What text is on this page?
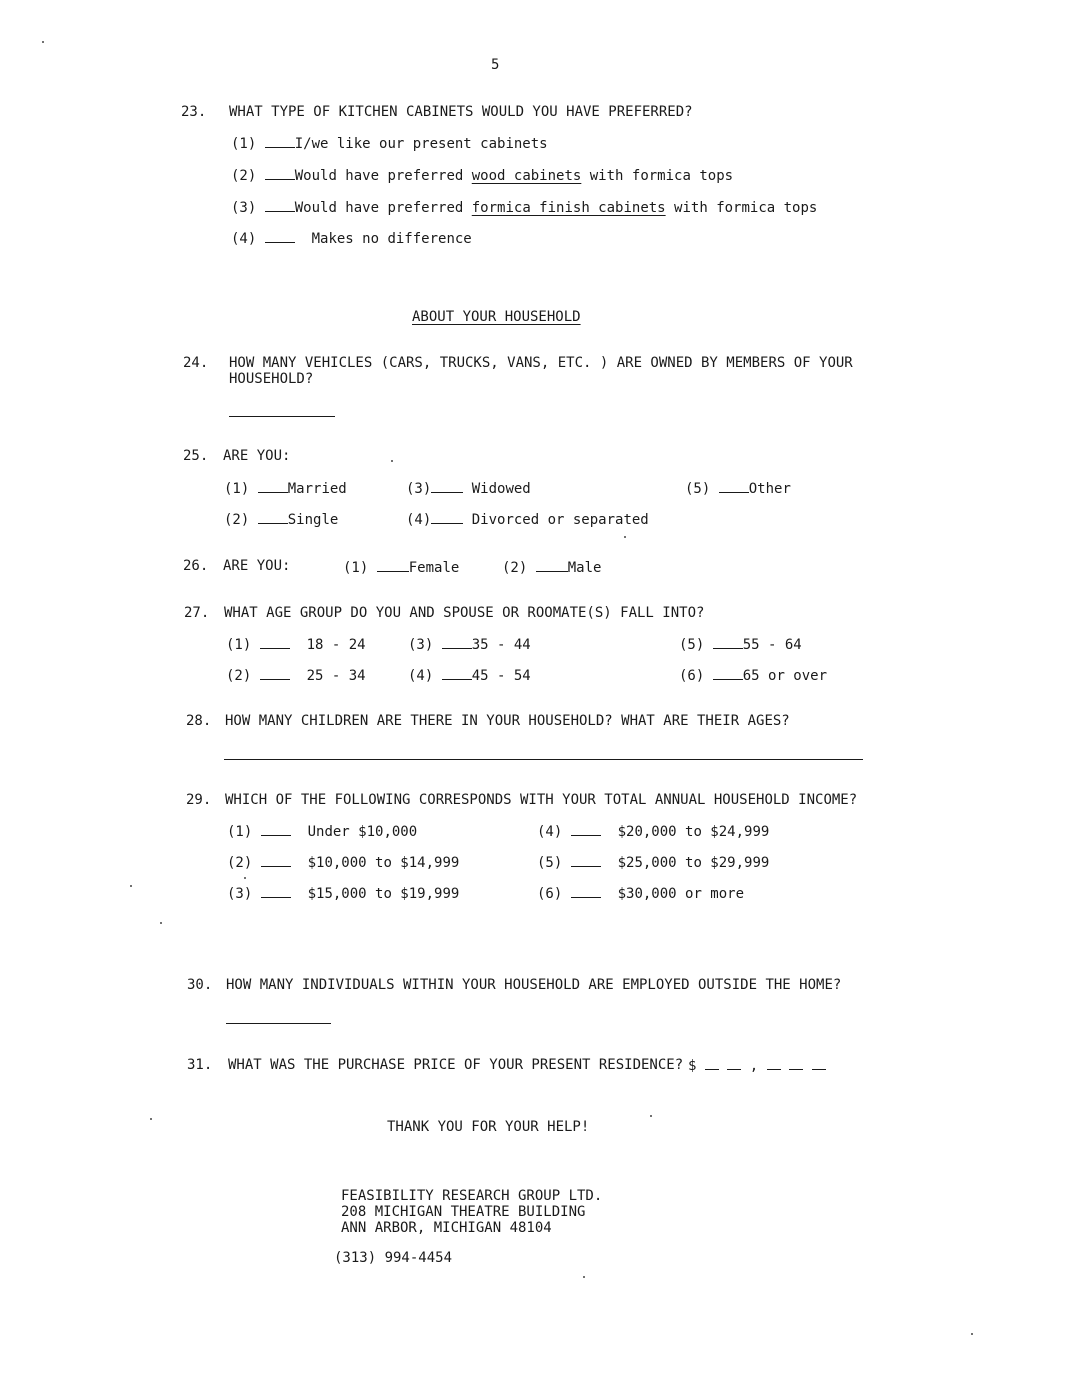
5
23. WHAT TYPE OF KITCHEN CABINETS WOULD YOU HAVE PREFERRED?
(1)	I/we like our present cabinets
(2)	Would have preferred wood cabinets with formica tops
(3)	Would have preferred formica finish cabinets with formica tops
(4)	Makes no difference
ABOUT YOUR HOUSEHOLD
24. HOW MANY VEHICLES (CARS, TRUCKS, VANS, ETC. ) ARE OWNED BY MEMBERS OF YOUR
HOUSEHOLD?
25. ARE YOU:
(1)	Married
(2)	Single
(3)	Widowed
(4)	Divorced or separated
(5)	Other
26. ARE YOU:	(1)	Female	(2)	Male
27. WHAT AGE GROUP DO YOU AND SPOUSE OR ROOMATE(S) FALL INTO?
(1)	18 - 24
(2)	25 - 34
(3)	35 - 44
(4)	45 - 54
(5)	55 - 64
(6)	65 or over
28. HOW MANY CHILDREN ARE THERE IN YOUR HOUSEHOLD? WHAT ARE THEIR AGES?
29. WHICH OF THE FOLLOWING CORRESPONDS WITH YOUR TOTAL ANNUAL HOUSEHOLD INCOME?
(1)	Under $10,000
(2)	$10,000 to $14,999
(3)	$15,000 to $19,999
(4)	$20,000 to $24,999
(5)	$25,000 to $29,999
(6)	$30,000 or more
30. HOW MANY INDIVIDUALS WITHIN YOUR HOUSEHOLD ARE EMPLOYED OUTSIDE THE HOME?
31. WHAT WAS THE PURCHASE PRICE OF YOUR PRESENT RESIDENCE? $	,
THANK YOU FOR YOUR HELP!
FEASIBILITY RESEARCH GROUP LTD.
208 MICHIGAN THEATRE BUILDING
ANN ARBOR, MICHIGAN 48104
(313) 994-4454
